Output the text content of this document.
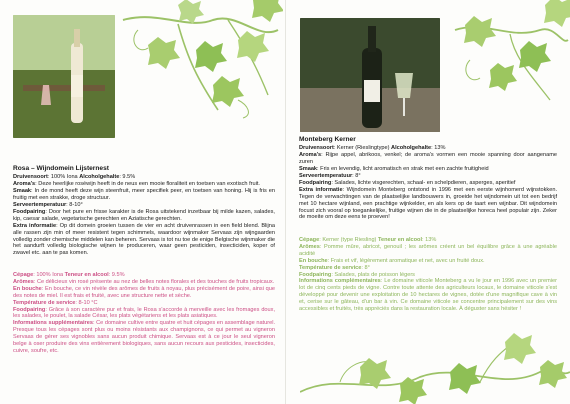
Rosa – Wijndomein Lijsternest
Druivensoort: 100% Iona Alcoholgehalte: 9.5%
Aroma's: Deze heerlijke roséwijn heeft in de neus een mooie floraliteit en toetsen van exotisch fruit.
Smaak: In de mond heeft deze wijn steenfruit, meer specifiek peer, en toetsen van honing. Hij is fris en fruitig met een strakke, droge structuur.
Serveertemperatuur: 8-10°
Foodpairing: Door het pure en frisse karakter is de Rosa uitstekend inzetbaar bij milde kazen, salades, kip, caesar salade, vegetarische gerechten en Aziatische gerechten.
Extra informatie: Op dit domein groeien tussen de vier en acht druivenrassen in een field blend. Blijna alle rassen zijn min of meer resistent tegen schimmels, waardoor wijnmaker Servaas zijn wijngaarden volledig zonder chemische middelen kan beheren. Servaas is tot nu toe de enige Belgische wijnmaker die het aandurft volledig biologische wijnen te produceren, waar geen pesticiden, insecticiden, koper of zwavel etc. aan te pas komen.
Cépage: 100% Iona Teneur en alcool: 9.5%
Arômes: Ce délicieux vin rosé présente au nez de belles notes florales et des touches de fruits tropicaux.
En bouche: En bouche, ce vin révèle des arômes de fruits à noyau, plus précisément de poire, ainsi que des notes de miel. Il est frais et fruité, avec une structure nette et sèche.
Température de service: 8-10 °C
Foodpairing: Grâce à son caractère pur et frais, le Rosa s'accorde à merveille avec les fromages doux, les salades, le poulet, la salade César, les plats végétariens et les plats asiatiques.
Informations supplémentaires: Ce domaine cultive entre quatre et huit cépages en assemblage naturel. Presque tous les cépages sont plus ou moins résistants aux champignons, ce qui permet au vigneron Servaas de gérer ses vignobles sans aucun produit chimique. Servaas est à ce jour le seul vigneron belge à oser produire des vins entièrement biologiques, sans aucun recours aux pesticides, insecticides, cuivre, soufre, etc.
Monteberg Kerner
Druivensoort: Kerner (Rieslingtype) Alcoholgehalte: 13%
Aroma's: Rijpe appel, abrikoos, venkel; de aroma's vormen een mooie spanning door aangename zuren
Smaak: Fris en levendig, licht aromatisch en strak met een zachte fruitigheid
Serveertemperatuur: 8°
Foodpairing: Salades, lichte visgerechten, schaal- en schelpdieren, asperges, aperitief
Extra informatie: Wijndomein Monteberg ontstond in 1996 met een eerste wijnhomerd wijnstokken. Tegen de verwachtingen van de plaatselijke landbouwers in, groeide het wijndomein uit tot een bedrijf met 10 hectare wijnland, een prachtige wijnkelder, en als kers op de taart een wijnbar. Dit wijndomein focust zich vooral op toegankelijke, fruitige wijnen die in de plaatselijke horeca heel populair zijn. Zeker de moeite om deze eens te proeven!
Cépage: Kerner (type Riesling) Teneur en alcool: 13%
Arômes: Pomme mûre, abricot, genouil ; les arômes créent un bel équilibre grâce à une agréable acidité
En bouche: Frais et vif, légèrement aromatique et net, avec un fruité doux.
Température de service: 8°
Foodpairing: Salades, plats de poisson légers
Informations complémentaires: Le domaine viticole Monteberg a vu le jour en 1996 avec un premier lot de cinq cents pieds de vigne. Contre toute attente des agriculteurs locaux, le domaine viticole s'est développé pour devenir une exploitation de 10 hectares de vignes, dotée d'une magnifique cave à vin et, cerise sur le gâteau, d'un bar à vin. Ce domaine viticole se concentre principalement sur des vins accessibles et fruités, très appréciés dans la restauration locale. À déguster sans hésiter !
